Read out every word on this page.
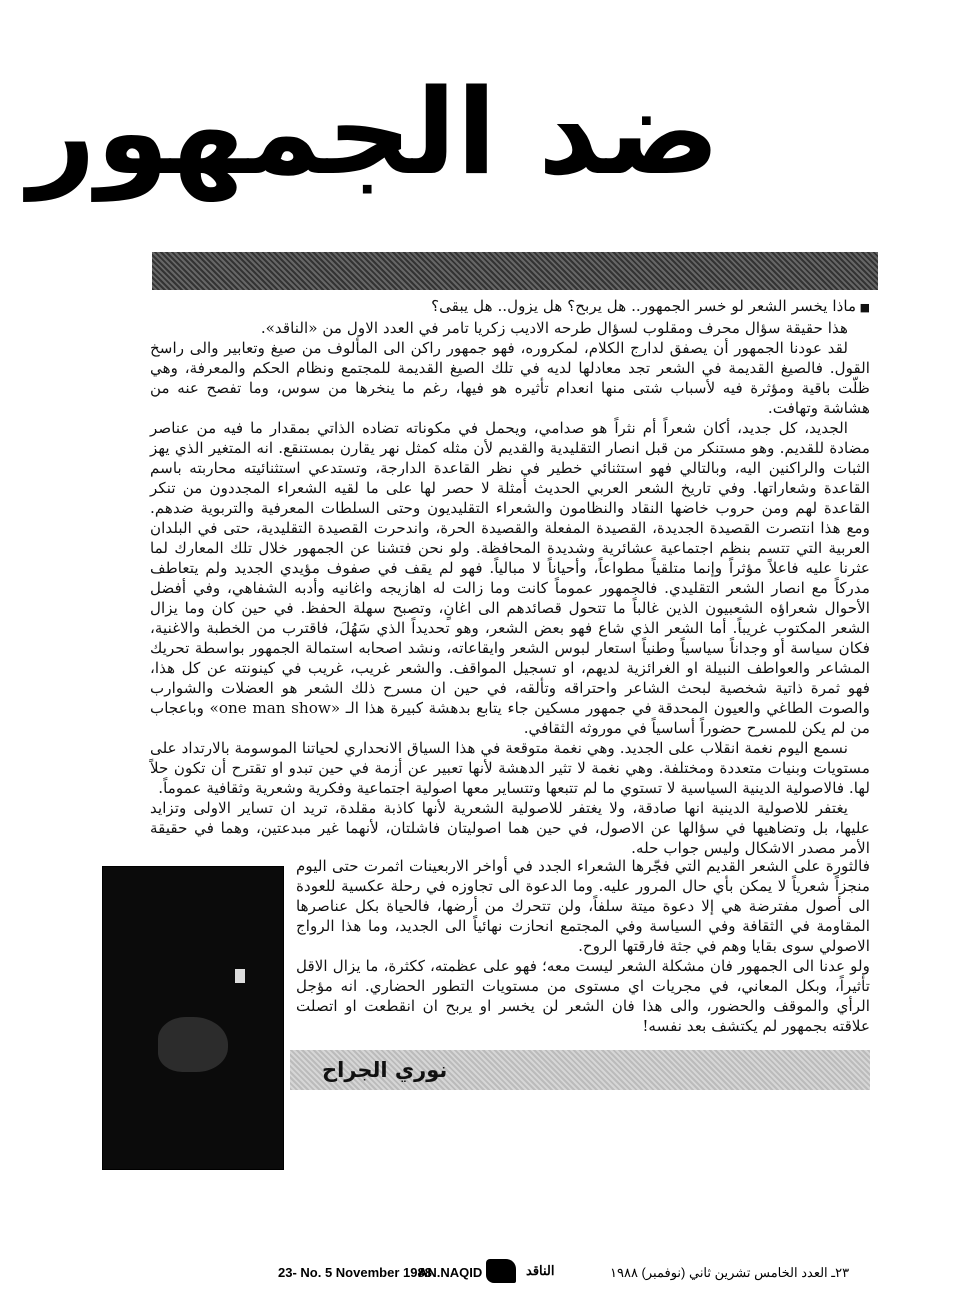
ضد الجمهور

■ ماذا يخسر الشعر لو خسر الجمهور.. هل يربح؟ هل يزول.. هل يبقى؟

هذا حقيقة سؤال محرف ومقلوب لسؤال طرحه الاديب زكريا تامر في العدد الاول من «الناقد».

لقد عودنا الجمهور أن يصفق لدارج الكلام، لمكروره، فهو جمهور راكن الى المألوف من صيغ وتعابير والى راسخ القول. فالصيغ القديمة في الشعر تجد معادلها لديه في تلك الصيغ القديمة للمجتمع ونظام الحكم والمعرفة، وهي ظلّت باقية ومؤثرة فيه لأسباب شتى منها انعدام تأثيره هو فيها، رغم ما ينخرها من سوس، وما تفصح عنه من هشاشة وتهافت.

الجديد، كل جديد، أكان شعراً أم نثراً هو صدامي، ويحمل في مكوناته تضاده الذاتي بمقدار ما فيه من عناصر مضادة للقديم. وهو مستنكر من قبل انصار التقليدية والقديم لأن مثله كمثل نهر يقارن بمستنقع. انه المتغير الذي يهز الثبات والراكنين اليه، وبالتالي فهو استثنائي خطير في نظر القاعدة الدارجة، وتستدعي استثنائيته محاربته باسم القاعدة وشعاراتها. وفي تاريخ الشعر العربي الحديث أمثلة لا حصر لها على ما لقيه الشعراء المجددون من تنكر القاعدة لهم ومن حروب خاضها النقاد والنظامون والشعراء التقليديون وحتى السلطات المعرفية والتربوية ضدهم. ومع هذا انتصرت القصيدة الجديدة، القصيدة المفعلة والقصيدة الحرة، واندحرت القصيدة التقليدية، حتى في البلدان العربية التي تتسم بنظم اجتماعية عشائرية وشديدة المحافظة. ولو نحن فتشنا عن الجمهور خلال تلك المعارك لما عثرنا عليه فاعلاً مؤثراً وإنما متلقياً مطواعاً، وأحياناً لا مبالياً. فهو لم يقف في صفوف مؤيدي الجديد ولم يتعاطف مدركاً مع انصار الشعر التقليدي. فالجمهور عموماً كانت وما زالت له اهازيجه واغانيه وأدبه الشفاهي، وفي أفضل الأحوال شعراؤه الشعبيون الذين غالباً ما تتحول قصائدهم الى اغانٍ، وتصبح سهلة الحفظ. في حين كان وما يزال الشعر المكتوب غريباً. أما الشعر الذي شاع فهو بعض الشعر، وهو تحديداً الذي سَهُلَ، فاقترب من الخطبة والاغنية، فكان سياسة أو وجداناً سياسياً وطنياً استعار لبوس الشعر وايقاعاته، ونشد اصحابه استمالة الجمهور بواسطة تحريك المشاعر والعواطف النبيلة او الغرائزية لديهم، او تسجيل المواقف. والشعر غريب، غريب في كينونته عن كل هذا، فهو ثمرة ذاتية شخصية لبحث الشاعر واحتراقه وتألقه، في حين ان مسرح ذلك الشعر هو العضلات والشوارب والصوت الطاغي والعيون المحدقة في جمهور مسكين جاء يتابع بدهشة كبيرة هذا الـ «one man show» وباعجاب من لم يكن للمسرح حضوراً أساسياً في موروثه الثقافي.

نسمع اليوم نغمة انقلاب على الجديد. وهي نغمة متوقعة في هذا السياق الانحداري لحياتنا الموسومة بالارتداد على مستويات وبنيات متعددة ومختلفة. وهي نغمة لا تثير الدهشة لأنها تعبير عن أزمة في حين تبدو او تقترح أن تكون حلاً لها. فالاصولية الدينية السياسية لا تستوي ما لم تتبعها وتتساير معها اصولية اجتماعية وفكرية وشعرية وثقافية عموماً.

يغتفر للاصولية الدينية انها صادقة، ولا يغتفر للاصولية الشعرية لأنها كاذبة مقلدة، تريد ان تساير الاولى وتزايد عليها، بل وتضاهيها في سؤالها عن الاصول، في حين هما اصوليتان فاشلتان، لأنهما غير مبدعتين، وهما في حقيقة الأمر مصدر الاشكال وليس جواب حله.

فالثورة على الشعر القديم التي فجّرها الشعراء الجدد في أواخر الاربعينات اثمرت حتى اليوم منجزاً شعرياً لا يمكن بأي حال المرور عليه. وما الدعوة الى تجاوزه في رحلة عكسية للعودة الى أصول مفترضة هي إلا دعوة ميتة سلفاً، ولن تتحرك من أرضها، فالحياة بكل عناصرها المقاومة في الثقافة وفي السياسة وفي المجتمع انحازت نهائياً الى الجديد، وما هذا الرواج الاصولي سوى بقايا وهم في جثة فارقتها الروح.

ولو عدنا الى الجمهور فان مشكلة الشعر ليست معه؛ فهو على عظمته، ككثرة، ما يزال الاقل تأثيراً، وبكل المعاني، في مجريات اي مستوى من مستويات التطور الحضاري. انه مؤجل الرأي والموقف والحضور، والى هذا فان الشعر لن يخسر او يربح ان انقطعت او اتصلت علاقته بجمهور لم يكتشف بعد نفسه!

نوري الجراح
23- No. 5 November 1988
AN.NAQID	الناقد	٢٣ـ العدد الخامس تشرين ثاني (نوفمبر) ١٩٨٨
